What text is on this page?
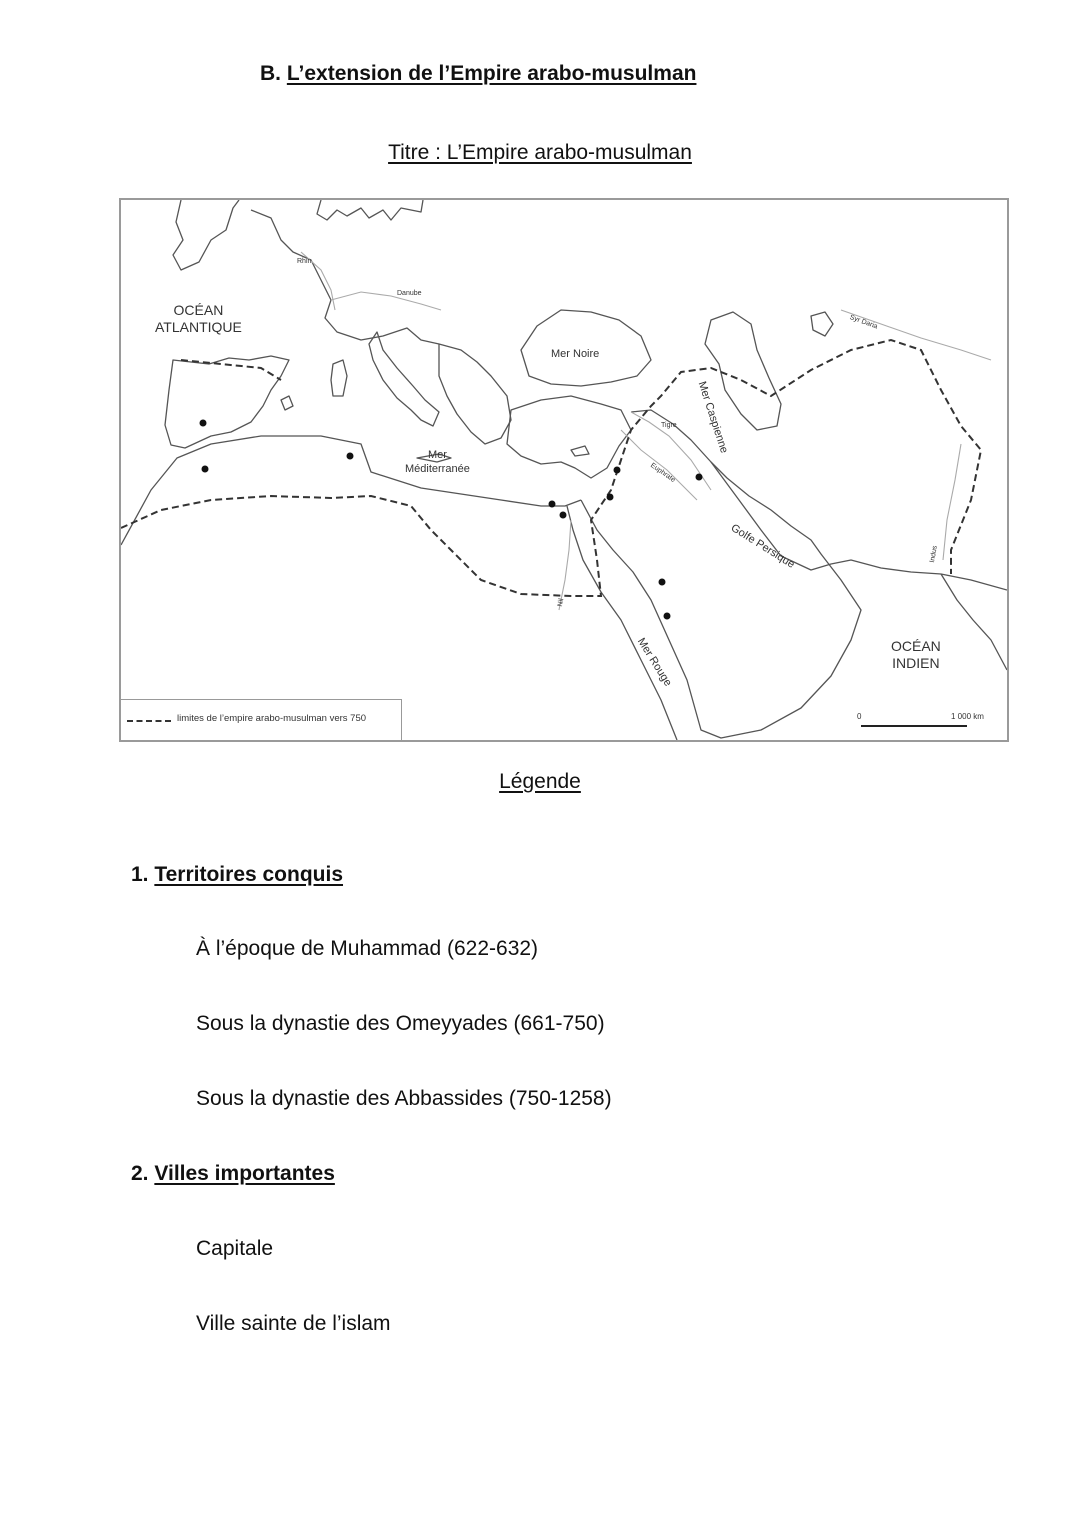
B. L’extension de l’Empire arabo-musulman
Titre : L’Empire arabo-musulman
OCÉAN
ATLANTIQUE
OCÉAN
INDIEN
Mer Noire
Mer Caspienne
Mer
Méditerranée
Golfe Persique
Mer Rouge
Rhin
Danube
Syr Daria
Tigre
Euphrate
Nil
Indus
limites de l’empire arabo-musulman vers 750	0	1 000 km
Légende
1. Territoires conquis
À l’époque de Muhammad (622-632)
Sous la dynastie des Omeyyades (661-750)
Sous la dynastie des Abbassides (750-1258)
2. Villes importantes
Capitale
Ville sainte de l’islam
